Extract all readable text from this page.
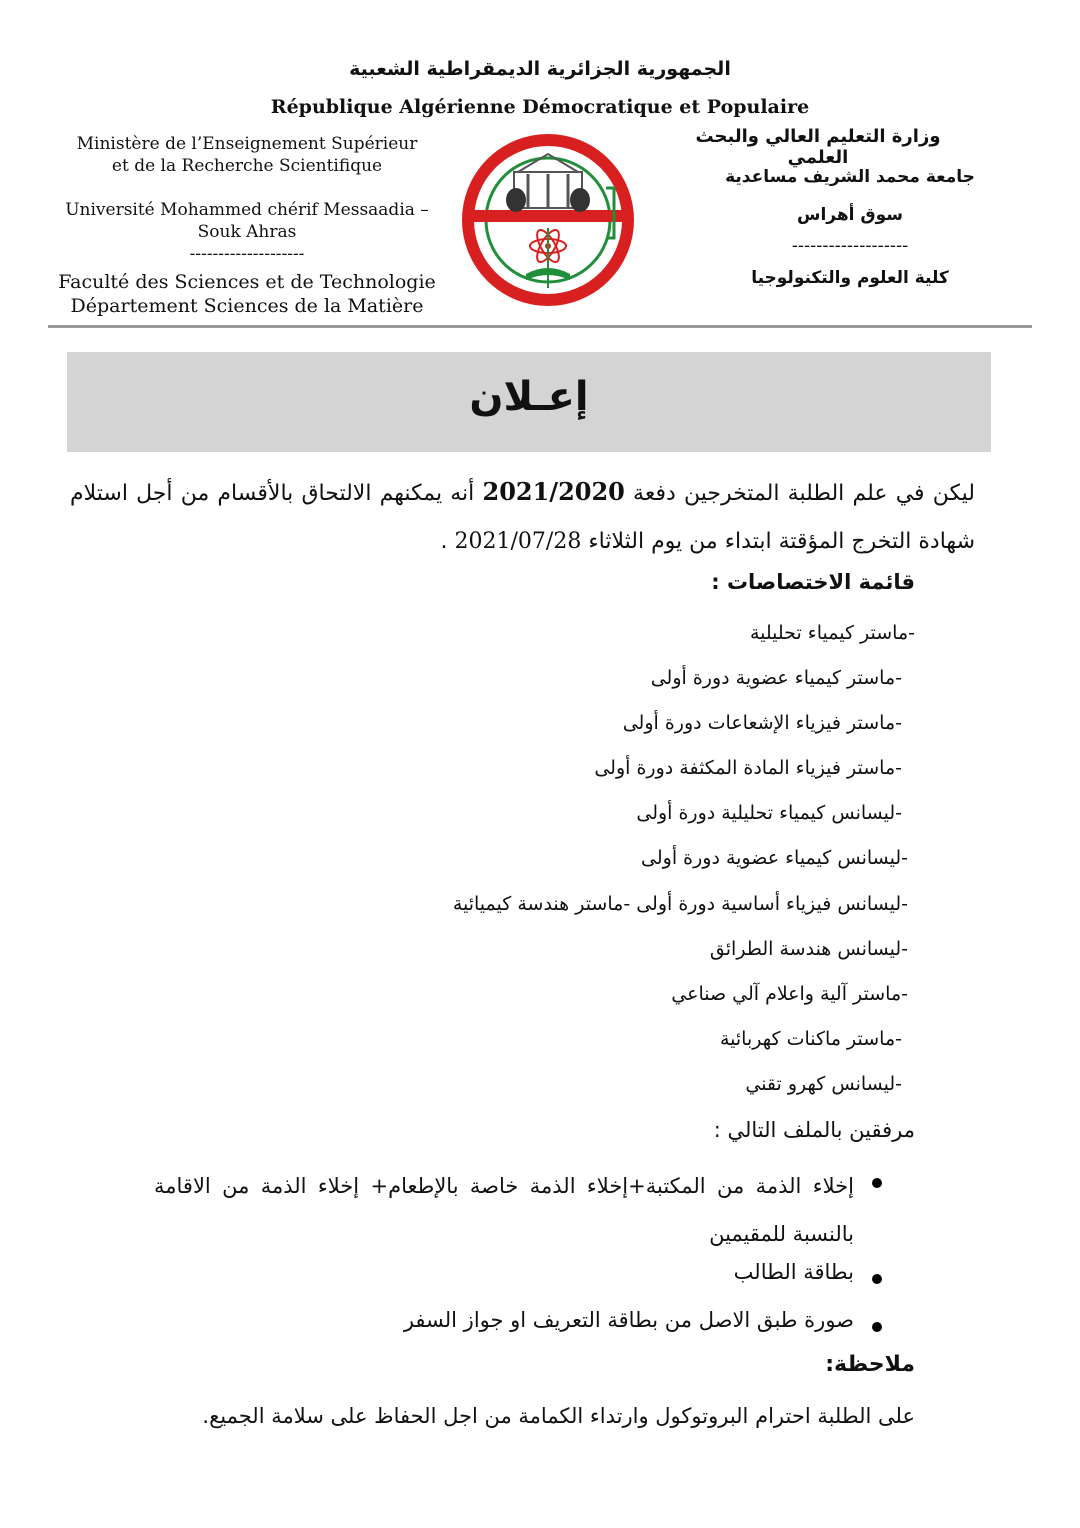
الجمهورية الجزائرية الديمقراطية الشعبية
République Algérienne Démocratique et Populaire
Ministère de l’Enseignement Supérieur
et de la Recherche Scientifique
Université Mohammed chérif Messaadia –
Souk Ahras
--------------------
Faculté des Sciences et de Technologie
Département Sciences de la Matière
وزارة التعليم العالي والبحث العلمي
جامعة محمد الشريف مساعدية
سوق أهراس
-------------------
كلية العلوم والتكنولوجيا
إعـلان
ليكن في علم الطلبة المتخرجين دفعة 2021/2020 أنه يمكنهم الالتحاق بالأقسام من أجل استلام شهادة التخرج المؤقتة ابتداء من يوم الثلاثاء 2021/07/28 .
قائمة الاختصاصات :
-ماستر كيمياء تحليلية
-ماستر كيمياء عضوية دورة أولى
-ماستر فيزياء الإشعاعات دورة أولى
-ماستر فيزياء المادة المكثفة دورة أولى
-ليسانس كيمياء تحليلية دورة أولى
-ليسانس كيمياء عضوية دورة أولى
-ليسانس فيزياء أساسية دورة أولى -ماستر هندسة كيميائية
-ليسانس هندسة الطرائق
-ماستر آلية واعلام آلي صناعي
-ماستر ماكنات كهربائية
-ليسانس كهرو تقني
مرفقين بالملف التالي :
إخلاء الذمة من المكتبة+إخلاء الذمة خاصة بالإطعام+ إخلاء الذمة من الاقامة بالنسبة للمقيمين
بطاقة الطالب
صورة طبق الاصل من بطاقة التعريف او جواز السفر
ملاحظة:
على الطلبة احترام البروتوكول وارتداء الكمامة من اجل الحفاظ على سلامة الجميع.
